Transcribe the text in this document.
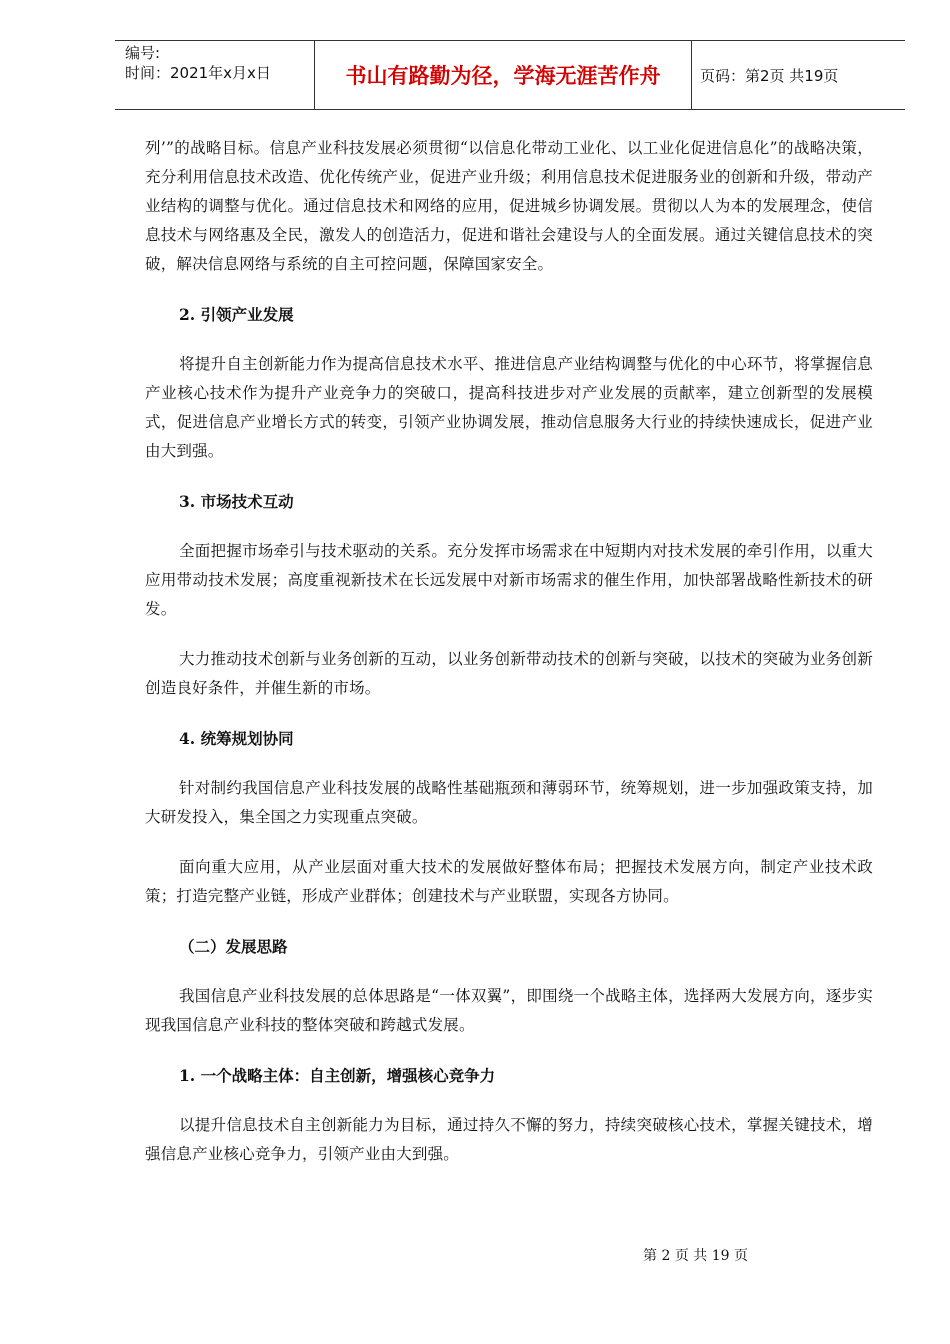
编号:
时间：2021年x月x日	书山有路勤为径，学海无涯苦作舟	页码：第2页 共19页

列’”的战略目标。信息产业科技发展必须贯彻“以信息化带动工业化、以工业化促进信息化”的战略决策，充分利用信息技术改造、优化传统产业，促进产业升级；利用信息技术促进服务业的创新和升级，带动产业结构的调整与优化。通过信息技术和网络的应用，促进城乡协调发展。贯彻以人为本的发展理念，使信息技术与网络惠及全民，激发人的创造活力，促进和谐社会建设与人的全面发展。通过关键信息技术的突破，解决信息网络与系统的自主可控问题，保障国家安全。

2. 引领产业发展

将提升自主创新能力作为提高信息技术水平、推进信息产业结构调整与优化的中心环节，将掌握信息产业核心技术作为提升产业竞争力的突破口，提高科技进步对产业发展的贡献率，建立创新型的发展模式，促进信息产业增长方式的转变，引领产业协调发展，推动信息服务大行业的持续快速成长，促进产业由大到强。

3. 市场技术互动

全面把握市场牵引与技术驱动的关系。充分发挥市场需求在中短期内对技术发展的牵引作用，以重大应用带动技术发展；高度重视新技术在长远发展中对新市场需求的催生作用，加快部署战略性新技术的研发。

大力推动技术创新与业务创新的互动，以业务创新带动技术的创新与突破，以技术的突破为业务创新创造良好条件，并催生新的市场。

4. 统筹规划协同

针对制约我国信息产业科技发展的战略性基础瓶颈和薄弱环节，统筹规划，进一步加强政策支持，加大研发投入，集全国之力实现重点突破。

面向重大应用，从产业层面对重大技术的发展做好整体布局；把握技术发展方向，制定产业技术政策；打造完整产业链，形成产业群体；创建技术与产业联盟，实现各方协同。

（二）发展思路

我国信息产业科技发展的总体思路是“一体双翼”，即围绕一个战略主体，选择两大发展方向，逐步实现我国信息产业科技的整体突破和跨越式发展。

1. 一个战略主体：自主创新，增强核心竞争力

以提升信息技术自主创新能力为目标，通过持久不懈的努力，持续突破核心技术，掌握关键技术，增强信息产业核心竞争力，引领产业由大到强。

第 2 页 共 19 页
